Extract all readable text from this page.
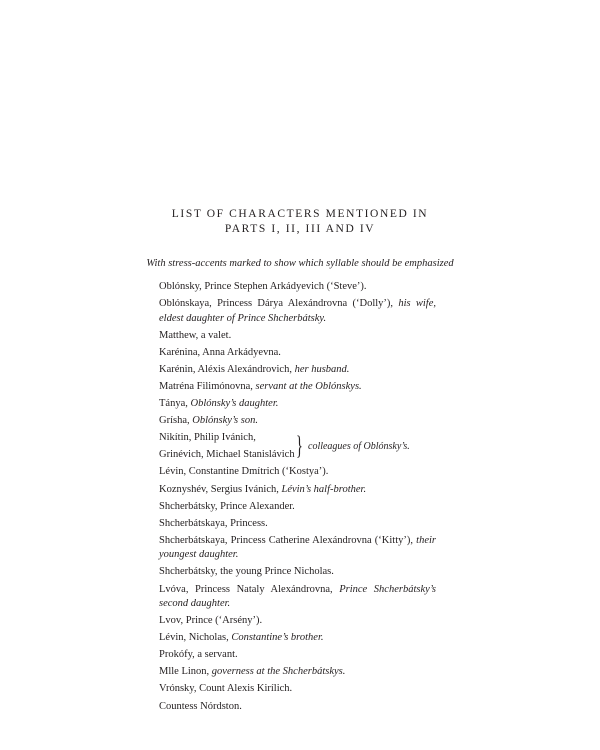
LIST OF CHARACTERS MENTIONED IN
PARTS I, II, III AND IV
With stress-accents marked to show which syllable should be emphasized
Oblónsky, Prince Stephen Arkádyevich (‘Steve’).
Oblónskaya, Princess Dárya Alexándrovna (‘Dolly’), his wife, eldest daughter of Prince Shcherbátsky.
Matthew, a valet.
Karénina, Anna Arkádyevna.
Karénin, Aléxis Alexándrovich, her husband.
Matréna Filimónovna, servant at the Oblónskys.
Tánya, Oblónsky’s daughter.
Grísha, Oblónsky’s son.
Nikítin, Philip Ivánich,
Grinévich, Michael Stanislávich } colleagues of Oblónsky’s.
Lévin, Constantine Dmítrich (‘Kostya’).
Koznyshév, Sergius Ivánich, Lévin’s half-brother.
Shcherbátsky, Prince Alexander.
Shcherbátskaya, Princess.
Shcherbátskaya, Princess Catherine Alexándrovna (‘Kitty’), their youngest daughter.
Shcherbátsky, the young Prince Nicholas.
Lvóva, Princess Nataly Alexándrovna, Prince Shcherbátsky’s second daughter.
Lvov, Prince (‘Arsény’).
Lévin, Nicholas, Constantine’s brother.
Prokófy, a servant.
Mlle Linon, governess at the Shcherbátskys.
Vrónsky, Count Alexis Kirílich.
Countess Nórdston.
